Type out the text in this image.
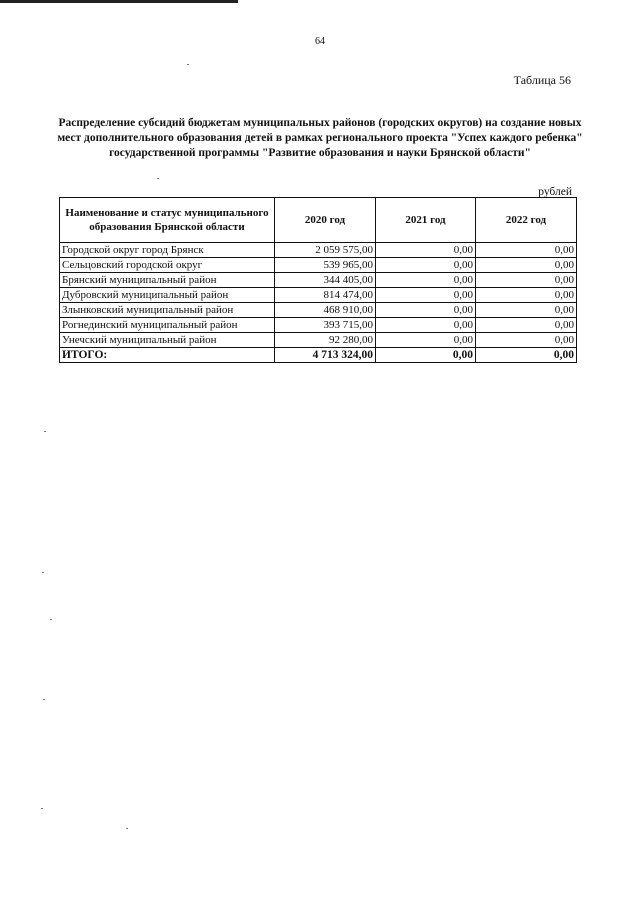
64
Таблица 56
Распределение субсидий бюджетам муниципальных районов (городских округов) на создание новых мест дополнительного образования детей в рамках регионального проекта "Успех каждого ребенка" государственной программы "Развитие образования и науки Брянской области"
рублей
Наименование и статус муниципального образования Брянской области	2020 год	2021 год	2022 год
Городской округ город Брянск	2 059 575,00	0,00	0,00
Сельцовский городской округ	539 965,00	0,00	0,00
Брянский муниципальный район	344 405,00	0,00	0,00
Дубровский муниципальный район	814 474,00	0,00	0,00
Злынковский муниципальный район	468 910,00	0,00	0,00
Рогнединский муниципальный район	393 715,00	0,00	0,00
Унечский муниципальный район	92 280,00	0,00	0,00
ИТОГО:	4 713 324,00	0,00	0,00
